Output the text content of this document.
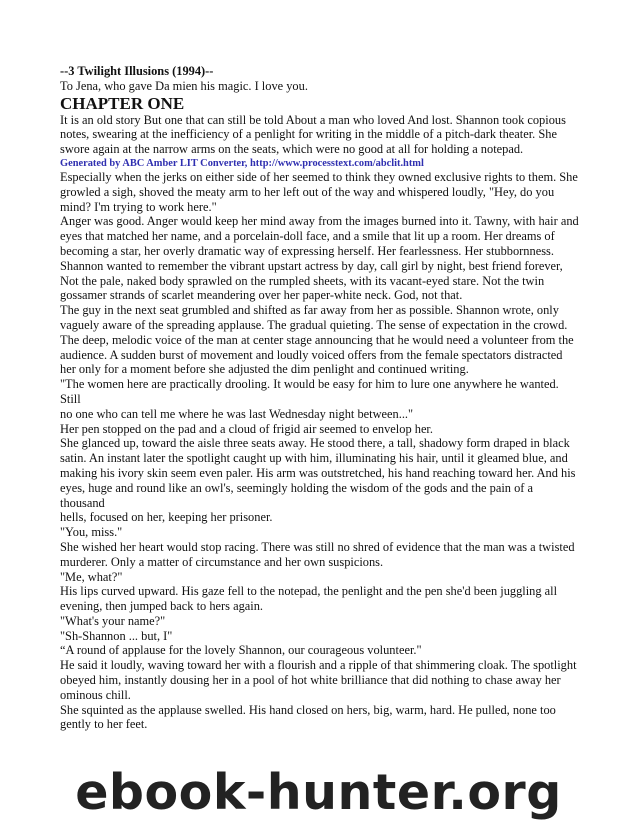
--3 Twilight Illusions (1994)--
To Jena, who gave Da mien his magic. I love you.
CHAPTER ONE
It is an old story But one that can still be told About a man who loved And lost. Shannon took copious notes, swearing at the inefficiency of a penlight for writing in the middle of a pitch-dark theater. She swore again at the narrow arms on the seats, which were no good at all for holding a notepad.
Generated by ABC Amber LIT Converter, http://www.processtext.com/abclit.html
Especially when the jerks on either side of her seemed to think they owned exclusive rights to them. She
growled a sigh, shoved the meaty arm to her left out of the way and whispered loudly, "Hey, do you mind? I'm trying to work here."
Anger was good. Anger would keep her mind away from the images burned into it. Tawny, with hair and eyes that matched her name, and a porcelain-doll face, and a smile that lit up a room. Her dreams of
becoming a star, her overly dramatic way of expressing herself. Her fearlessness. Her stubbornness.
Shannon wanted to remember the vibrant upstart actress by day, call girl by night, best friend forever, Not the pale, naked body sprawled on the rumpled sheets, with its vacant-eyed stare. Not the twin gossamer strands of scarlet meandering over her paper-white neck. God, not that.
The guy in the next seat grumbled and shifted as far away from her as possible. Shannon wrote, only vaguely aware of the spreading applause. The gradual quieting. The sense of expectation in the crowd. The deep, melodic voice of the man at center stage announcing that he would need a volunteer from the audience. A sudden burst of movement and loudly voiced offers from the female spectators distracted her only for a moment before she adjusted the dim penlight and continued writing.
"The women here are practically drooling. It would be easy for him to lure one anywhere he wanted. Still
no one who can tell me where he was last Wednesday night between..."
Her pen stopped on the pad and a cloud of frigid air seemed to envelop her.
She glanced up, toward the aisle three seats away. He stood there, a tall, shadowy form draped in black satin. An instant later the spotlight caught up with him, illuminating his hair, until it gleamed blue, and making his ivory skin seem even paler. His arm was outstretched, his hand reaching toward her. And his
eyes, huge and round like an owl's, seemingly holding the wisdom of the gods and the pain of a thousand
hells, focused on her, keeping her prisoner.
"You, miss."
She wished her heart would stop racing. There was still no shred of evidence that the man was a twisted murderer. Only a matter of circumstance and her own suspicions.
"Me, what?"
His lips curved upward. His gaze fell to the notepad, the penlight and the pen she'd been juggling all evening, then jumped back to hers again.
"What's your name?"
"Sh-Shannon ... but, I"
“A round of applause for the lovely Shannon, our courageous volunteer."
He said it loudly, waving toward her with a flourish and a ripple of that shimmering cloak. The spotlight
obeyed him, instantly dousing her in a pool of hot white brilliance that did nothing to chase away her ominous chill.
She squinted as the applause swelled. His hand closed on hers, big, warm, hard. He pulled, none too gently to her feet.
ebook-hunter.org
